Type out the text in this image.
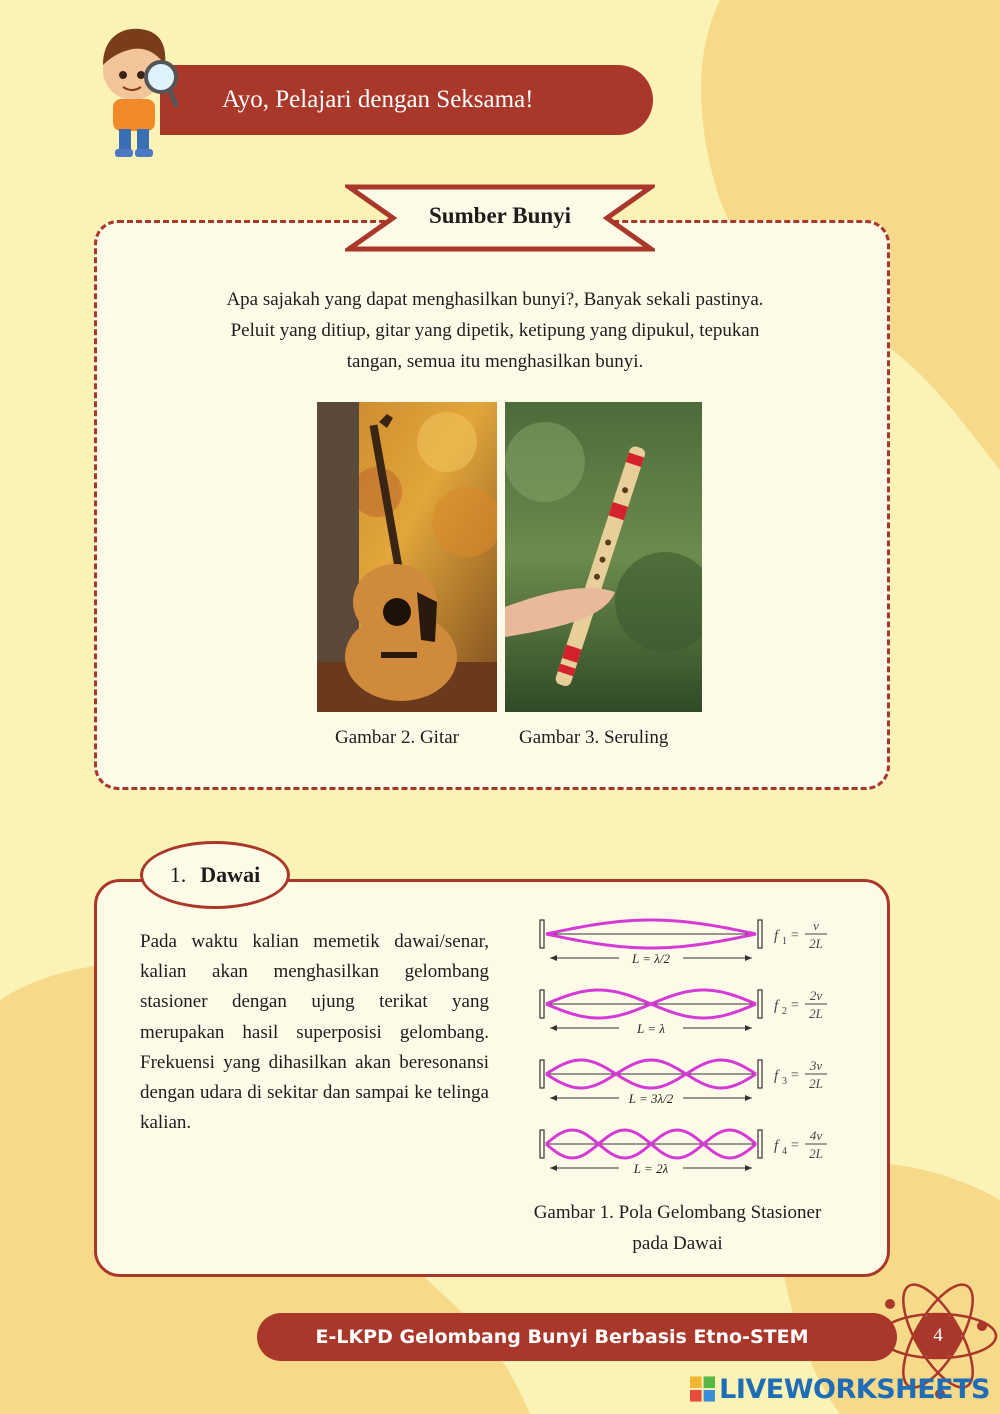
Ayo, Pelajari dengan Seksama!
Sumber Bunyi
Apa sajakah yang dapat menghasilkan bunyi?, Banyak sekali pastinya.
Peluit yang ditiup, gitar yang dipetik, ketipung yang dipukul, tepukan
tangan, semua itu menghasilkan bunyi.
Gambar 2. Gitar	Gambar 3. Seruling
1. Dawai
Pada waktu kalian memetik dawai/senar, kalian akan menghasilkan gelombang stasioner dengan ujung terikat yang merupakan hasil superposisi gelombang. Frekuensi yang dihasilkan akan beresonansi dengan udara di sekitar dan sampai ke telinga kalian.
L = λ/2
f 1 =
v
2L
L = λ
f 2 =
2v
2L
L = 3λ/2
f 3 =
3v
2L
L = 2λ
f 4 =
4v
2L
Gambar 1. Pola Gelombang Stasioner
pada Dawai
E-LKPD Gelombang Bunyi Berbasis Etno-STEM	4
LIVEWORKSHEETS
